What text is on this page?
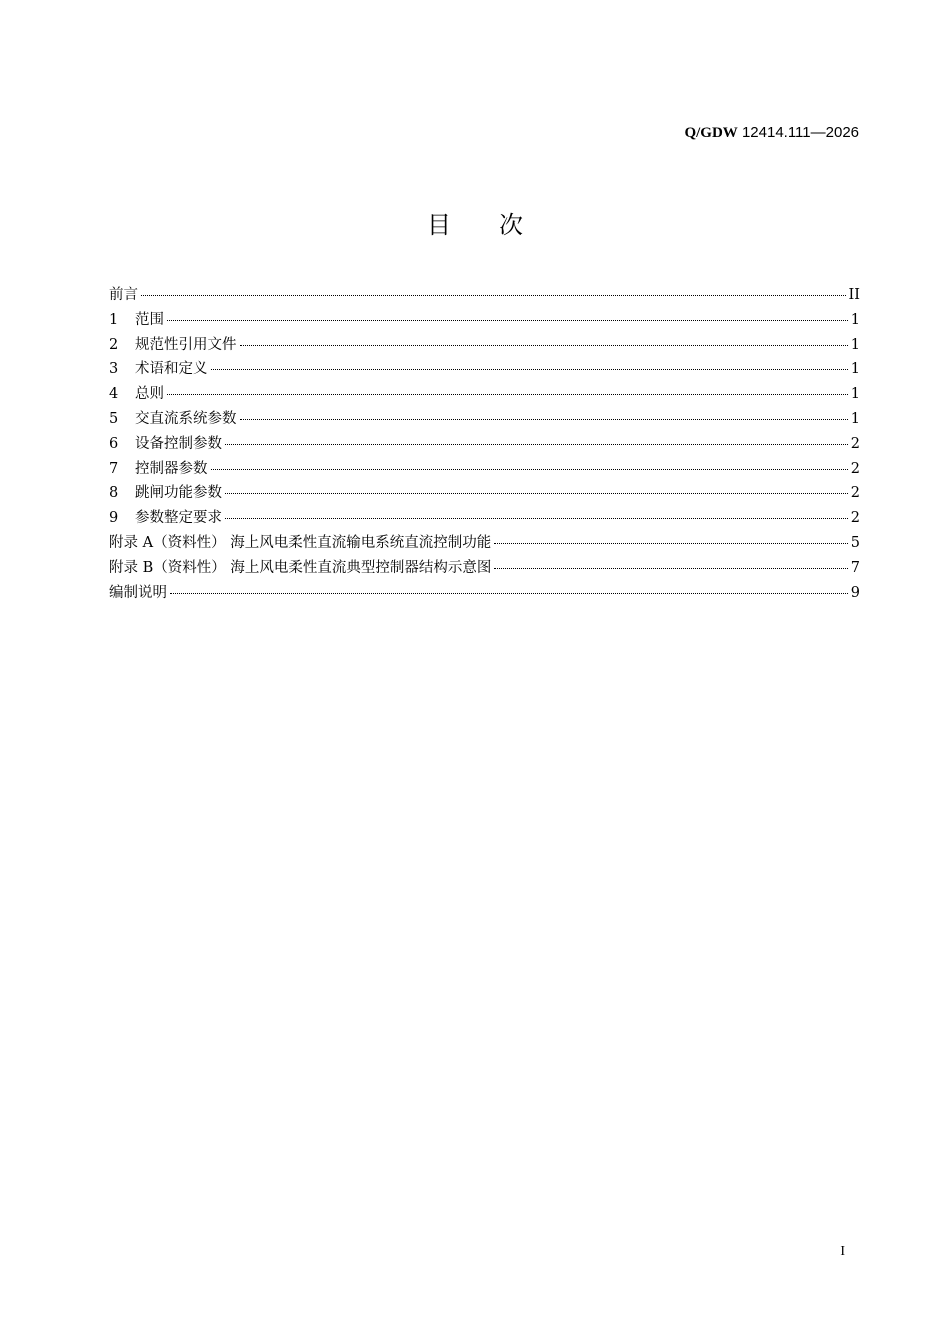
Q/GDW 12414.111—2026
目次
前言	II
1	范围	1
2	规范性引用文件	1
3	术语和定义	1
4	总则	1
5	交直流系统参数	1
6	设备控制参数	2
7	控制器参数	2
8	跳闸功能参数	2
9	参数整定要求	2
附录 A（资料性） 海上风电柔性直流输电系统直流控制功能	5
附录 B（资料性） 海上风电柔性直流典型控制器结构示意图	7
编制说明	9
I
